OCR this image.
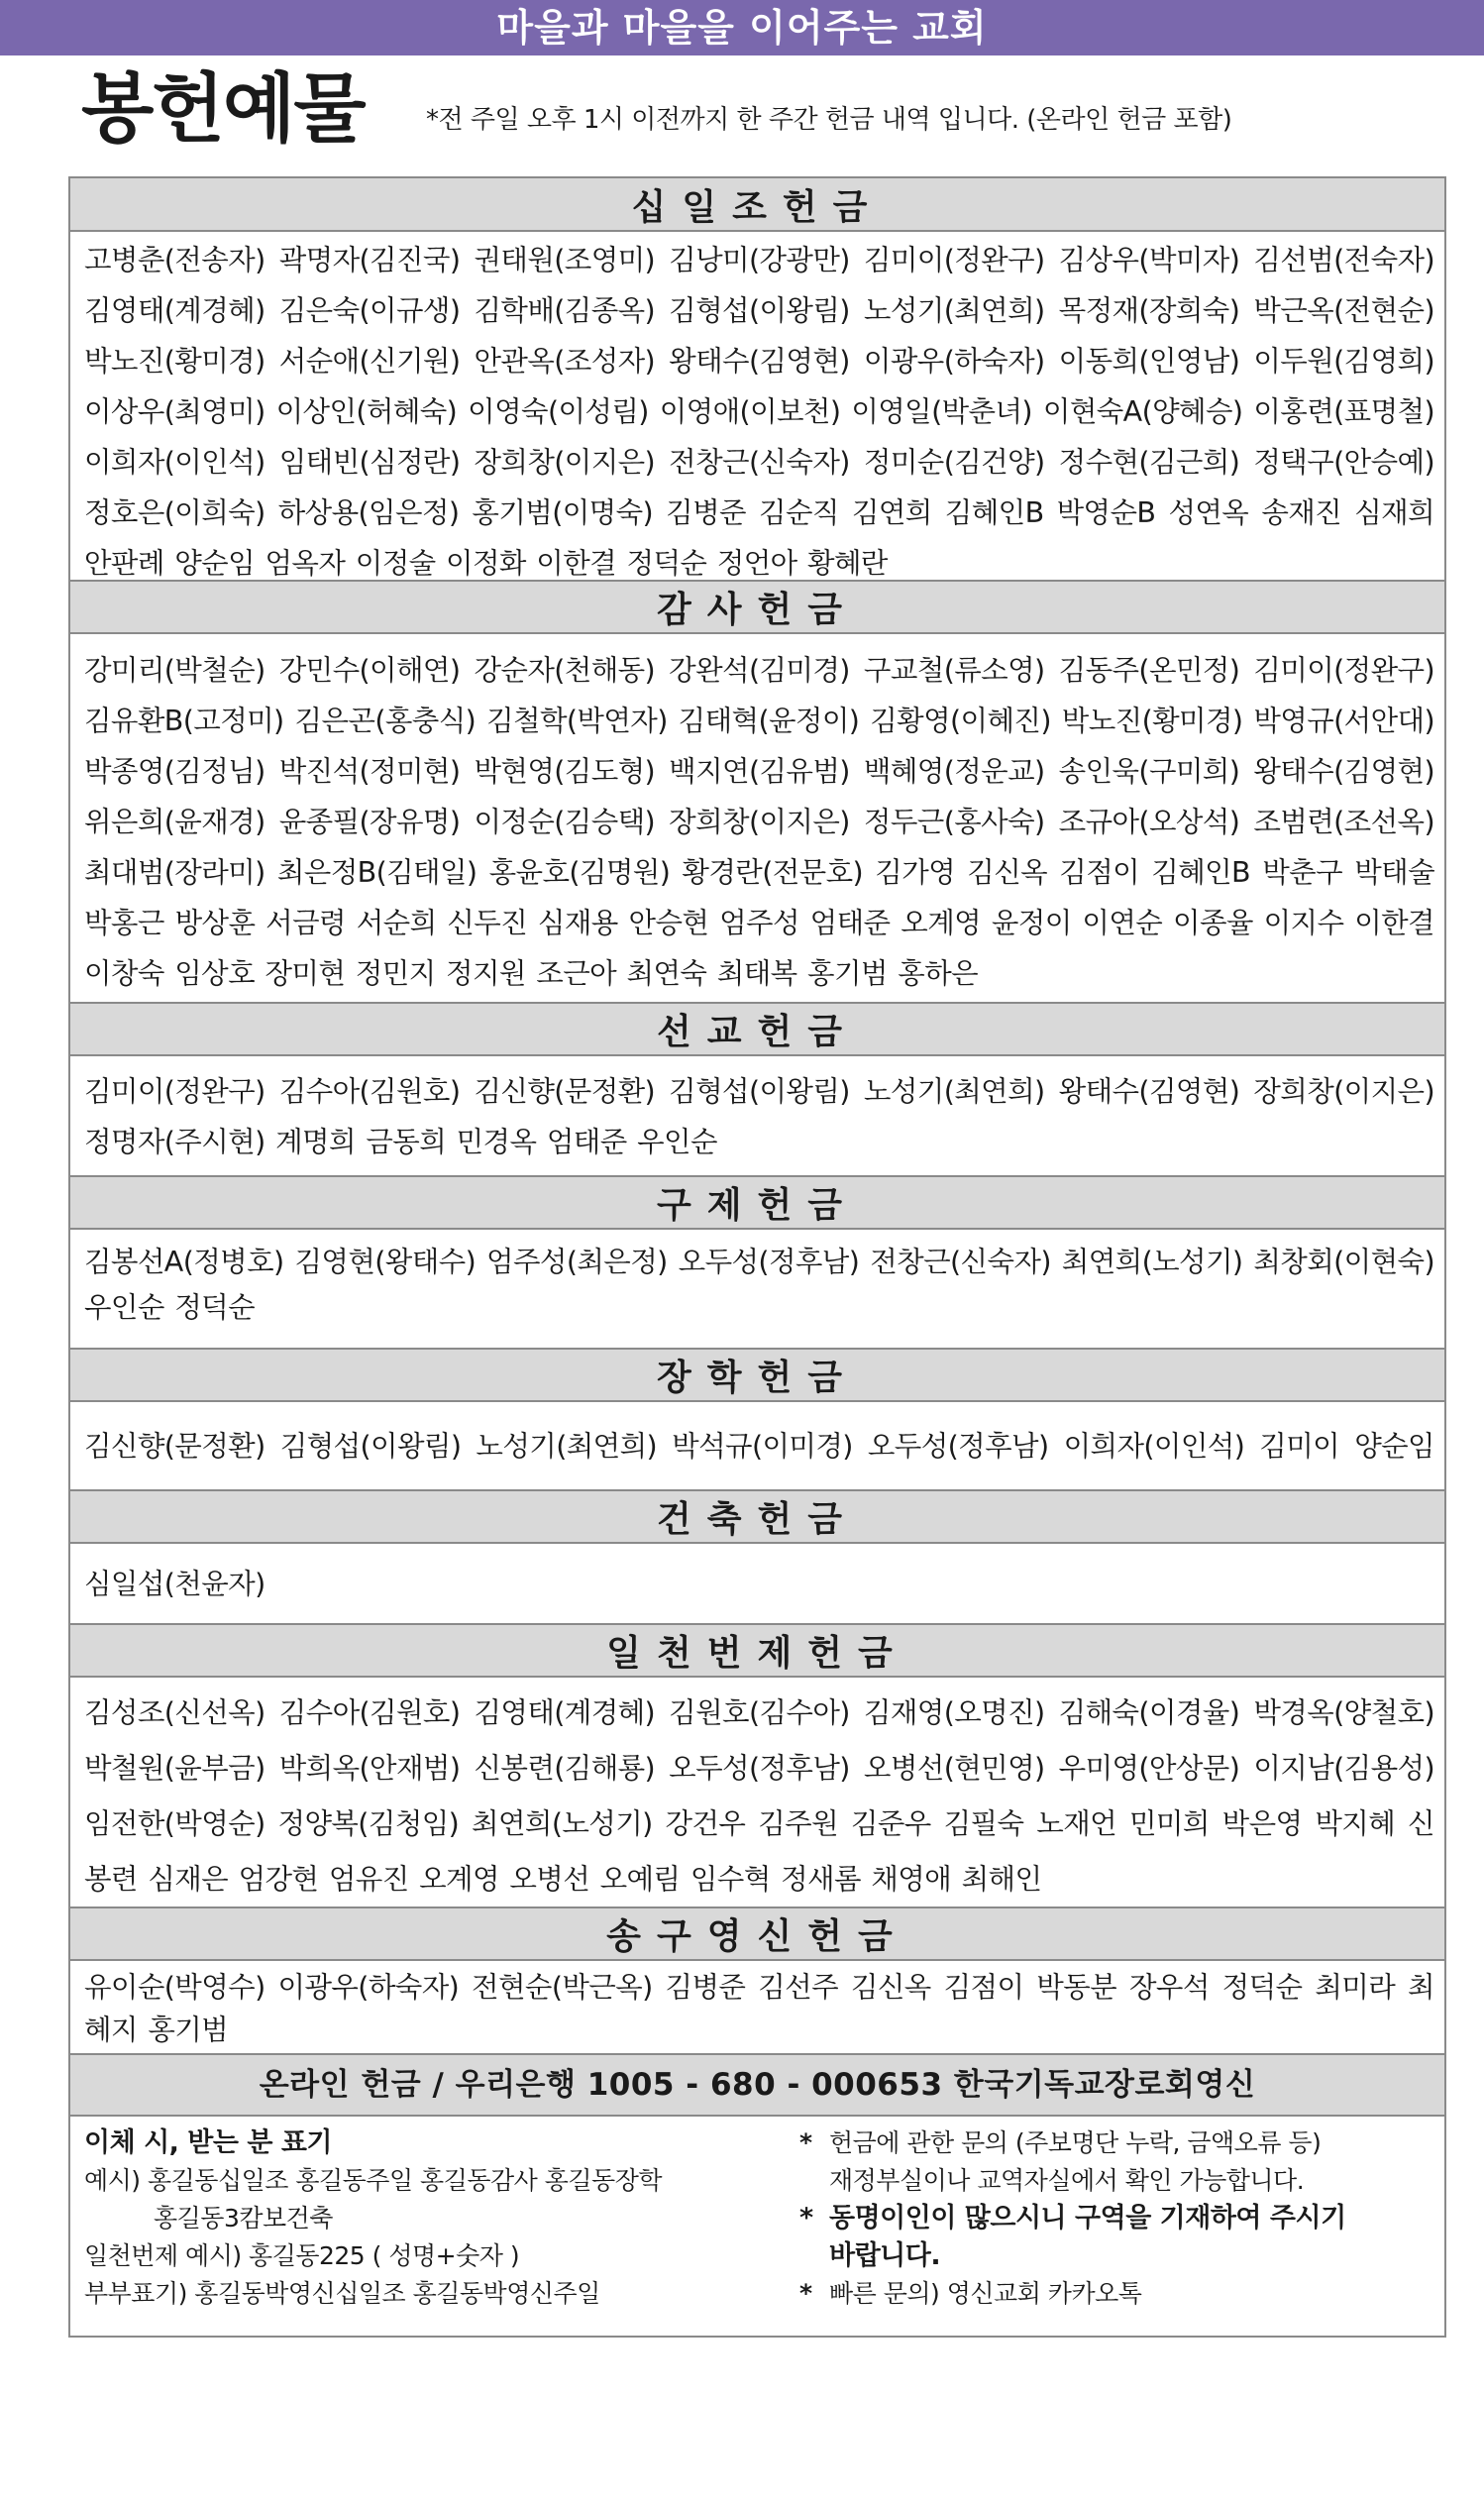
마을과 마을을 이어주는 교회
봉헌예물 *전 주일 오후 1시 이전까지 한 주간 헌금 내역 입니다. (온라인 헌금 포함)
십일조헌금
고병춘(전송자) 곽명자(김진국) 권태원(조영미) 김낭미(강광만) 김미이(정완구) 김상우(박미자) 김선범(전숙자) 김영태(계경혜) 김은숙(이규생) 김학배(김종옥) 김형섭(이왕림) 노성기(최연희) 목정재(장희숙) 박근옥(전현순) 박노진(황미경) 서순애(신기원) 안관옥(조성자) 왕태수(김영현) 이광우(하숙자) 이동희(인영남) 이두원(김영희) 이상우(최영미) 이상인(허혜숙) 이영숙(이성림) 이영애(이보천) 이영일(박춘녀) 이현숙A(양혜승) 이홍련(표명철) 이희자(이인석) 임태빈(심정란) 장희창(이지은) 전창근(신숙자) 정미순(김건양) 정수현(김근희) 정택구(안승예) 정호은(이희숙) 하상용(임은정) 홍기범(이명숙) 김병준 김순직 김연희 김혜인B 박영순B 성연옥 송재진 심재희 안판례 양순임 엄옥자 이정술 이정화 이한결 정덕순 정언아 황혜란
감사헌금
강미리(박철순) 강민수(이해연) 강순자(천해동) 강완석(김미경) 구교철(류소영) 김동주(온민정) 김미이(정완구) 김유환B(고정미) 김은곤(홍충식) 김철학(박연자) 김태혁(윤정이) 김황영(이혜진) 박노진(황미경) 박영규(서안대) 박종영(김정님) 박진석(정미현) 박현영(김도형) 백지연(김유범) 백혜영(정운교) 송인욱(구미희) 왕태수(김영현) 위은희(윤재경) 윤종필(장유명) 이정순(김승택) 장희창(이지은) 정두근(홍사숙) 조규아(오상석) 조범련(조선옥) 최대범(장라미) 최은정B(김태일) 홍윤호(김명원) 황경란(전문호) 김가영 김신옥 김점이 김혜인B 박춘구 박태술 박홍근 방상훈 서금령 서순희 신두진 심재용 안승현 엄주성 엄태준 오계영 윤정이 이연순 이종율 이지수 이한결 이창숙 임상호 장미현 정민지 정지원 조근아 최연숙 최태복 홍기범 홍하은
선교헌금
김미이(정완구) 김수아(김원호) 김신향(문정환) 김형섭(이왕림) 노성기(최연희) 왕태수(김영현) 장희창(이지은) 정명자(주시현) 계명희 금동희 민경옥 엄태준 우인순
구제헌금
김봉선A(정병호) 김영현(왕태수) 엄주성(최은정) 오두성(정후남) 전창근(신숙자) 최연희(노성기) 최창회(이현숙) 우인순 정덕순
장학헌금
김신향(문정환) 김형섭(이왕림) 노성기(최연희) 박석규(이미경) 오두성(정후남) 이희자(이인석) 김미이 양순임
건축헌금
심일섭(천윤자)
일천번제헌금
김성조(신선옥) 김수아(김원호) 김영태(계경혜) 김원호(김수아) 김재영(오명진) 김해숙(이경율) 박경옥(양철호) 박철원(윤부금) 박희옥(안재범) 신봉련(김해룡) 오두성(정후남) 오병선(현민영) 우미영(안상문) 이지남(김용성) 임전한(박영순) 정양복(김청임) 최연희(노성기) 강건우 김주원 김준우 김필숙 노재언 민미희 박은영 박지혜 신봉련 심재은 엄강현 엄유진 오계영 오병선 오예림 임수혁 정새롬 채영애 최해인
송구영신헌금
유이순(박영수) 이광우(하숙자) 전현순(박근옥) 김병준 김선주 김신옥 김점이 박동분 장우석 정덕순 최미라 최혜지 홍기범
온라인 헌금 / 우리은행 1005 - 680 - 000653 한국기독교장로회영신
이체 시, 받는 분 표기
예시) 홍길동십일조 홍길동주일 홍길동감사 홍길동장학
홍길동3캄보건축
일천번제 예시) 홍길동225 ( 성명+숫자 )
부부표기) 홍길동박영신십일조 홍길동박영신주일
* 헌금에 관한 문의 (주보명단 누락, 금액오류 등)
재정부실이나 교역자실에서 확인 가능합니다.
* 동명이인이 많으시니 구역을 기재하여 주시기
바랍니다.
* 빠른 문의) 영신교회 카카오톡
